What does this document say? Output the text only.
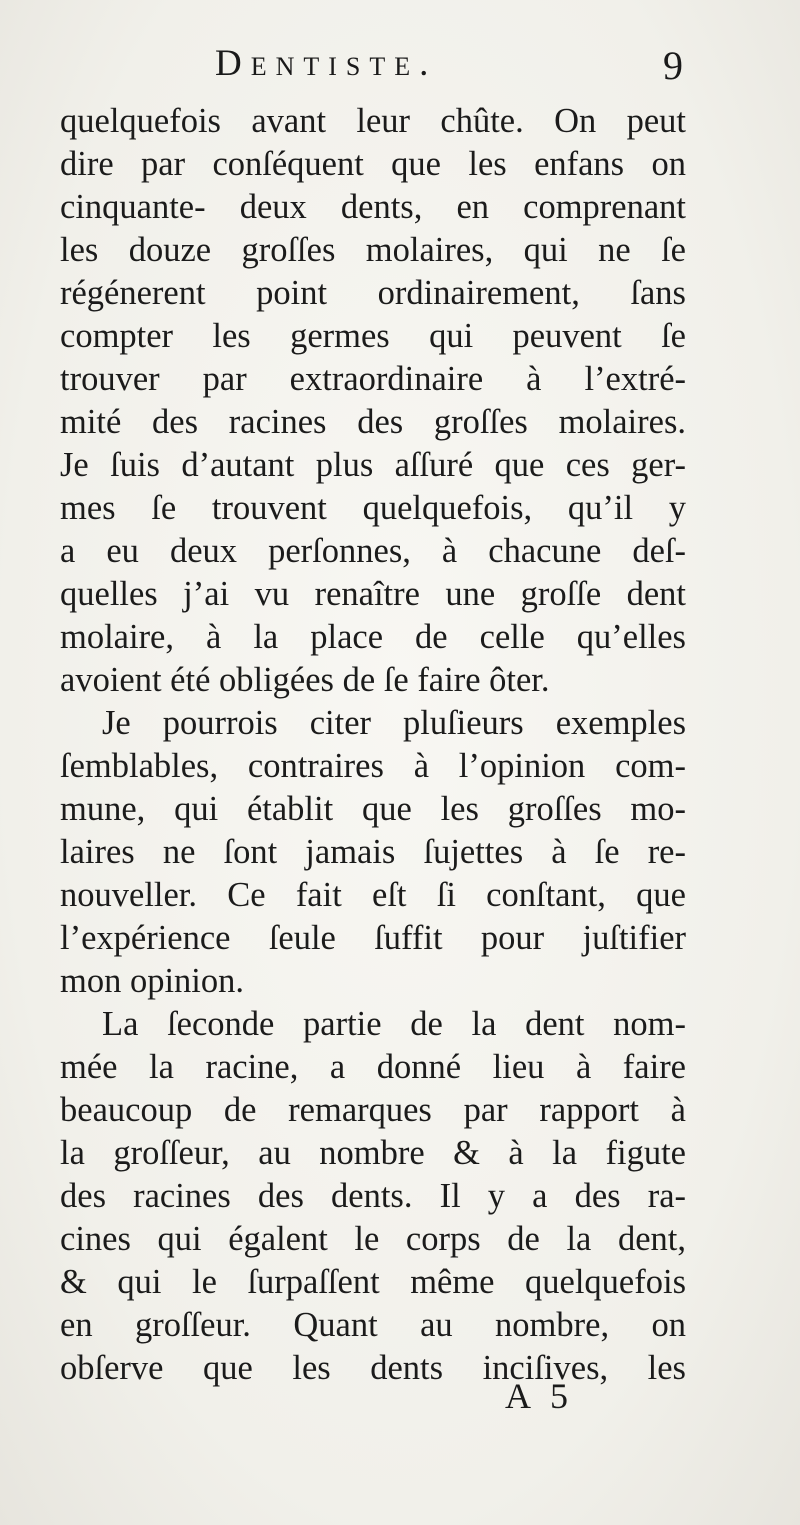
Dentiste.	9
quelquefois avant leur chûte. On peut
dire par conſéquent que les enfans on
cinquante- deux dents, en comprenant
les douze groſſes molaires, qui ne ſe
régénerent point ordinairement, ſans
compter les germes qui peuvent ſe
trouver par extraordinaire à l’extré-
mité des racines des groſſes molaires.
Je ſuis d’autant plus aſſuré que ces ger-
mes ſe trouvent quelquefois, qu’il y
a eu deux perſonnes, à chacune deſ-
quelles j’ai vu renaître une groſſe dent
molaire, à la place de celle qu’elles
avoient été obligées de ſe faire ôter.
Je pourrois citer pluſieurs exemples
ſemblables, contraires à l’opinion com-
mune, qui établit que les groſſes mo-
laires ne ſont jamais ſujettes à ſe re-
nouveller. Ce fait eſt ſi conſtant, que
l’expérience ſeule ſuffit pour juſtifier
mon opinion.
La ſeconde partie de la dent nom-
mée la racine, a donné lieu à faire
beaucoup de remarques par rapport à
la groſſeur, au nombre & à la figute
des racines des dents. Il y a des ra-
cines qui égalent le corps de la dent,
& qui le ſurpaſſent même quelquefois
en groſſeur. Quant au nombre, on
obſerve que les dents inciſives, les
A 5
